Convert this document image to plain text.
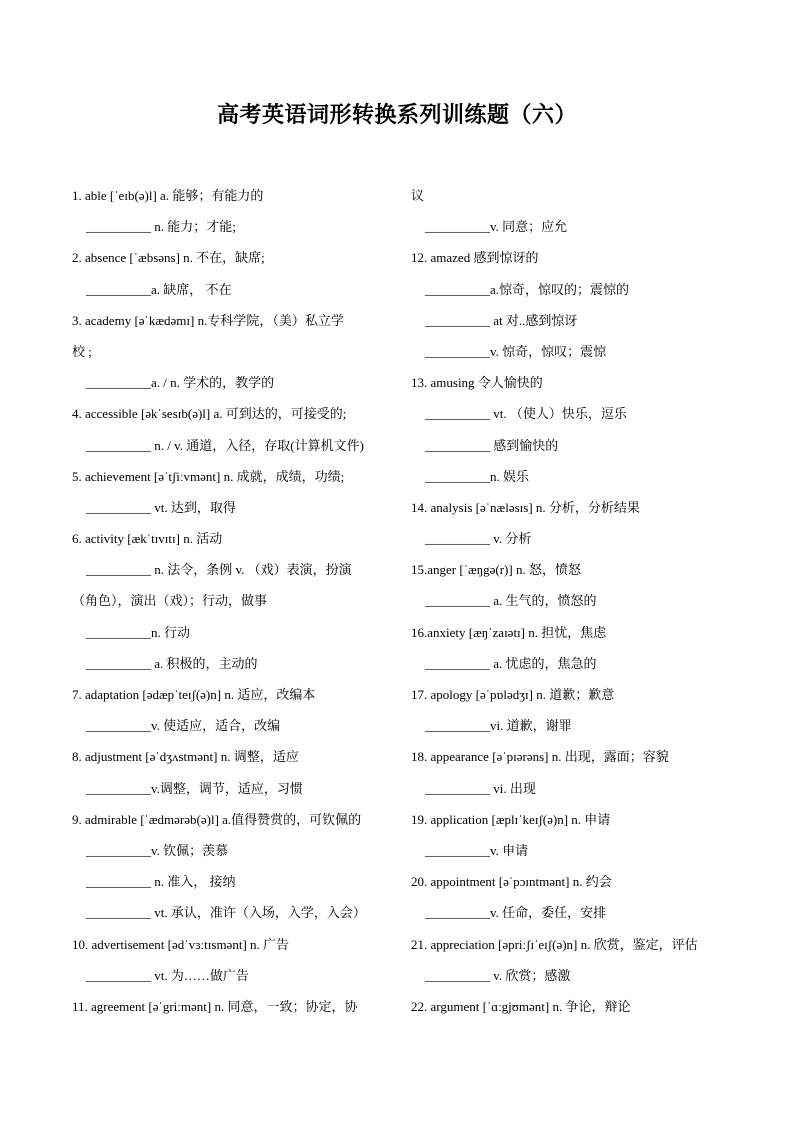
高考英语词形转换系列训练题（六）
1. able [ˈeɪb(ə)l] a. 能够；有能力的
__________ n. 能力；才能;
2. absence [ˈæbsəns] n. 不在，缺席;
__________a. 缺席， 不在
3. academy [əˈkædəmɪ] n.专科学院，（美）私立学
校 ;
__________a. / n. 学术的，教学的
4. accessible [əkˈsesɪb(ə)l] a. 可到达的，可接受的;
__________ n. / v. 通道，入径，存取(计算机文件)
5. achievement [əˈtʃiːvmənt] n. 成就，成绩，功绩;
__________ vt. 达到，取得
6. activity [ækˈtɪvɪtɪ] n. 活动
__________ n. 法令，条例 v. （戏）表演，扮演
（角色），演出（戏）；行动，做事
__________n. 行动
__________ a. 积极的，主动的
7. adaptation [ədæpˈteɪʃ(ə)n] n. 适应，改编本
__________v. 使适应，适合，改编
8. adjustment [əˈdʒʌstmənt] n. 调整，适应
__________v.调整，调节，适应，习惯
9. admirable [ˈædmərəb(ə)l] a.值得赞赏的，可钦佩的
__________v. 钦佩；羡慕
__________ n. 准入， 接纳
__________ vt. 承认，准许（入场，入学，入会）
10. advertisement [ədˈvɜːtɪsmənt] n. 广告
__________ vt. 为……做广告
11. agreement [əˈgriːmənt] n. 同意，一致；协定，协
议
__________v. 同意；应允
12. amazed 感到惊讶的
__________a.惊奇，惊叹的；震惊的
__________ at 对..感到惊讶
__________v. 惊奇，惊叹；震惊
13. amusing 令人愉快的
__________ vt. （使人）快乐，逗乐
__________ 感到愉快的
__________n. 娱乐
14. analysis [əˈnæləsɪs] n. 分析，分析结果
__________ v. 分析
15.anger [ˈæŋgə(r)] n. 怒，愤怒
__________ a. 生气的，愤怒的
16.anxiety [æŋˈzaɪətɪ] n. 担忧，焦虑
__________ a. 忧虑的，焦急的
17. apology [əˈpɒlədʒɪ] n. 道歉；歉意
__________vi. 道歉，谢罪
18. appearance [əˈpɪərəns] n. 出现，露面；容貌
__________ vi. 出现
19. application [æplɪˈkeɪʃ(ə)n] n. 申请
__________v. 申请
20. appointment [əˈpɔɪntmənt] n. 约会
__________v. 任命，委任，安排
21. appreciation [əpriːʃɪˈeɪʃ(ə)n] n. 欣赏，鉴定，评估
__________ v. 欣赏；感激
22. argument [ˈɑːgjʊmənt] n. 争论，辩论
